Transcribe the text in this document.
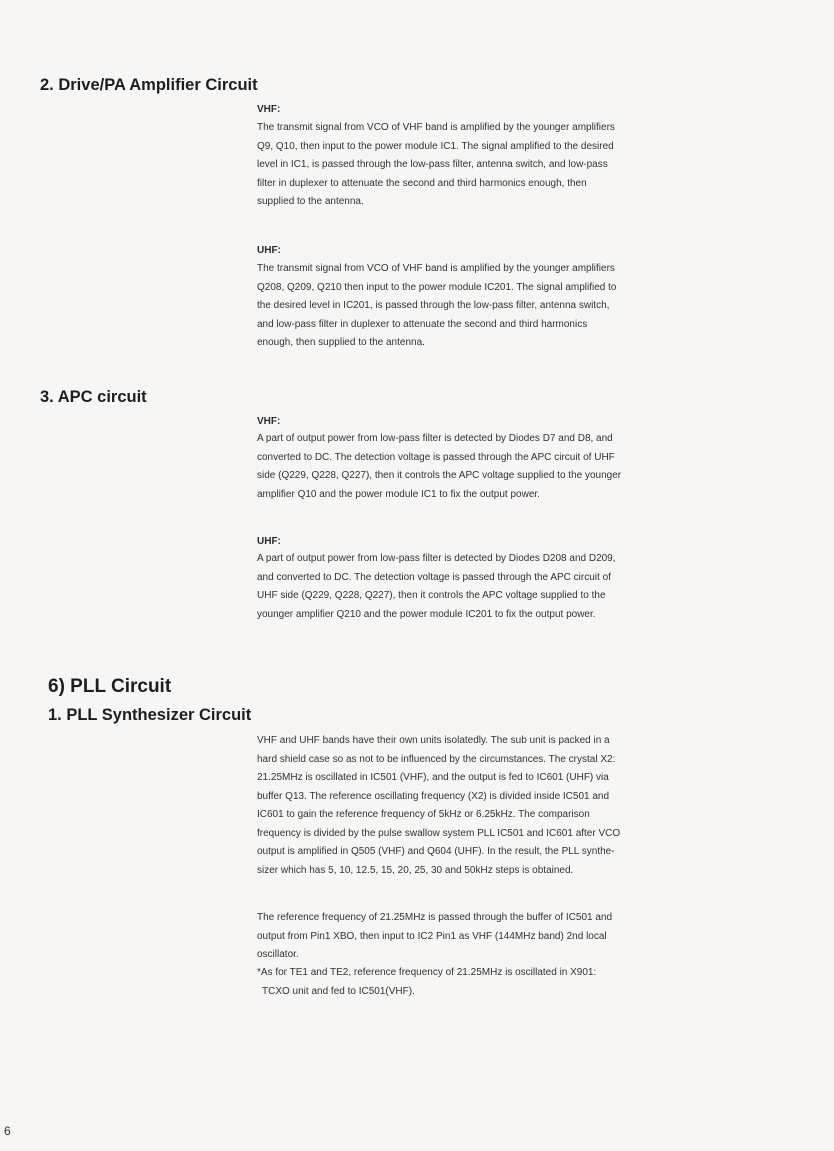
2. Drive/PA Amplifier Circuit
VHF:
The transmit signal from VCO of VHF band is amplified by the younger amplifiers
Q9, Q10, then input to the power module IC1. The signal amplified to the desired
level in IC1, is passed through the low-pass filter, antenna switch, and low-pass
filter in duplexer to attenuate the second and third harmonics enough, then
supplied to the antenna.
UHF:
The transmit signal from VCO of VHF band is amplified by the younger amplifiers
Q208, Q209, Q210 then input to the power module IC201. The signal amplified to
the desired level in IC201, is passed through the low-pass filter, antenna switch,
and low-pass filter in duplexer to attenuate the second and third harmonics
enough, then supplied to the antenna.
3. APC circuit
VHF:
A part of output power from low-pass filter is detected by Diodes D7 and D8, and
converted to DC. The detection voltage is passed through the APC circuit of UHF
side (Q229, Q228, Q227), then it controls the APC voltage supplied to the younger
amplifier Q10 and the power module IC1 to fix the output power.
UHF:
A part of output power from low-pass filter is detected by Diodes D208 and D209,
and converted to DC. The detection voltage is passed through the APC circuit of
UHF side (Q229, Q228, Q227), then it controls the APC voltage supplied to the
younger amplifier Q210 and the power module IC201 to fix the output power.
6) PLL Circuit
1. PLL Synthesizer Circuit
VHF and UHF bands have their own units isolatedly. The sub unit is packed in a
hard shield case so as not to be influenced by the circumstances. The crystal X2:
21.25MHz is oscillated in IC501 (VHF), and the output is fed to IC601 (UHF) via
buffer Q13. The reference oscillating frequency (X2) is divided inside IC501 and
IC601 to gain the reference frequency of 5kHz or 6.25kHz. The comparison
frequency is divided by the pulse swallow system PLL IC501 and IC601 after VCO
output is amplified in Q505 (VHF) and Q604 (UHF). In the result, the PLL synthe-
sizer which has 5, 10, 12.5, 15, 20, 25, 30 and 50kHz steps is obtained.
The reference frequency of 21.25MHz is passed through the buffer of IC501 and
output from Pin1 XBO, then input to IC2 Pin1 as VHF (144MHz band) 2nd local
oscillator.
*As for TE1 and TE2, reference frequency of 21.25MHz is oscillated in X901:
TCXO unit and fed to IC501(VHF).
6
